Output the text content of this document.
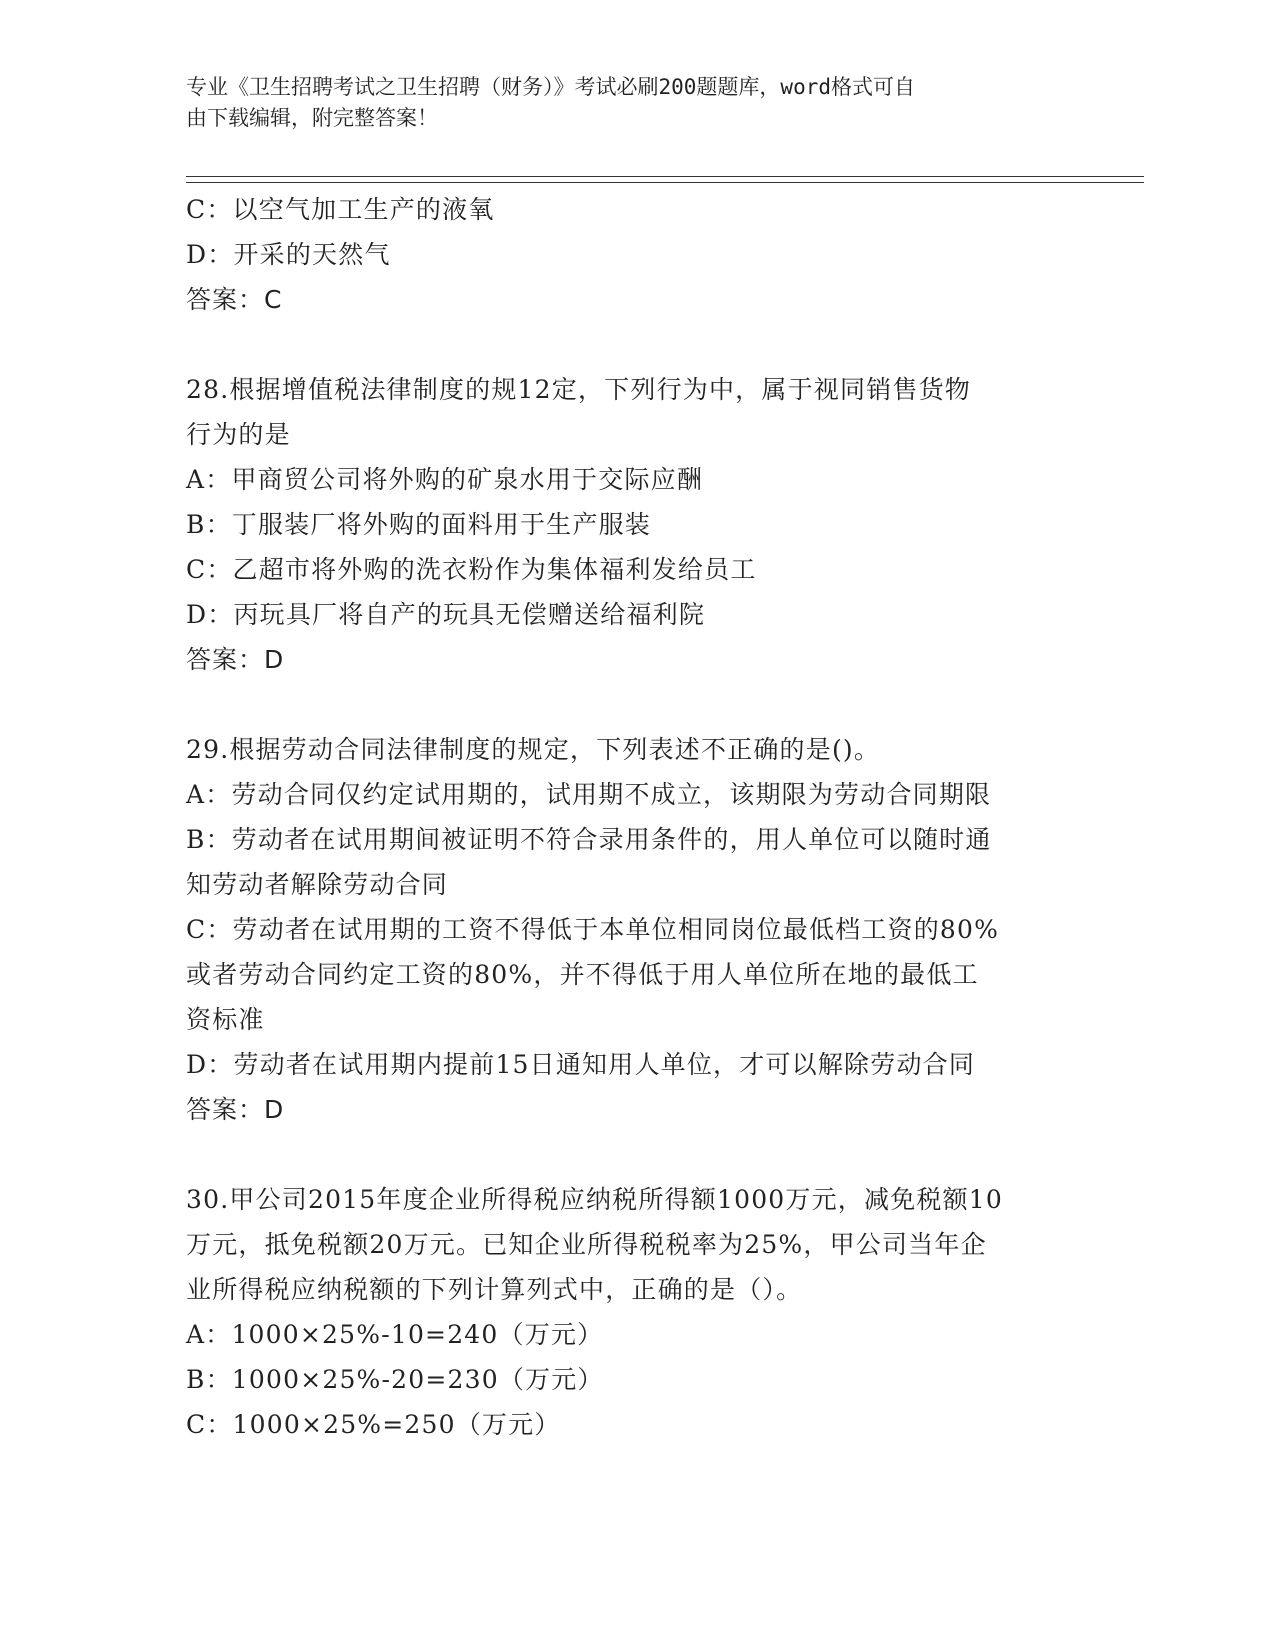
专业《卫生招聘考试之卫生招聘（财务）》考试必刷200题题库，word格式可自
由下载编辑，附完整答案！
C：以空气加工生产的液氧
D：开采的天然气
答案：C
28.根据增值税法律制度的规12定，下列行为中，属于视同销售货物
行为的是
A：甲商贸公司将外购的矿泉水用于交际应酬
B：丁服装厂将外购的面料用于生产服装
C：乙超市将外购的洗衣粉作为集体福利发给员工
D：丙玩具厂将自产的玩具无偿赠送给福利院
答案：D
29.根据劳动合同法律制度的规定，下列表述不正确的是()。
A：劳动合同仅约定试用期的，试用期不成立，该期限为劳动合同期限
B：劳动者在试用期间被证明不符合录用条件的，用人单位可以随时通
知劳动者解除劳动合同
C：劳动者在试用期的工资不得低于本单位相同岗位最低档工资的80%
或者劳动合同约定工资的80%，并不得低于用人单位所在地的最低工
资标准
D：劳动者在试用期内提前15日通知用人单位，才可以解除劳动合同
答案：D
30.甲公司2015年度企业所得税应纳税所得额1000万元，减免税额10
万元，抵免税额20万元。已知企业所得税税率为25%，甲公司当年企
业所得税应纳税额的下列计算列式中，正确的是（）。
A：1000×25%-10=240（万元）
B：1000×25%-20=230（万元）
C：1000×25%=250（万元）
